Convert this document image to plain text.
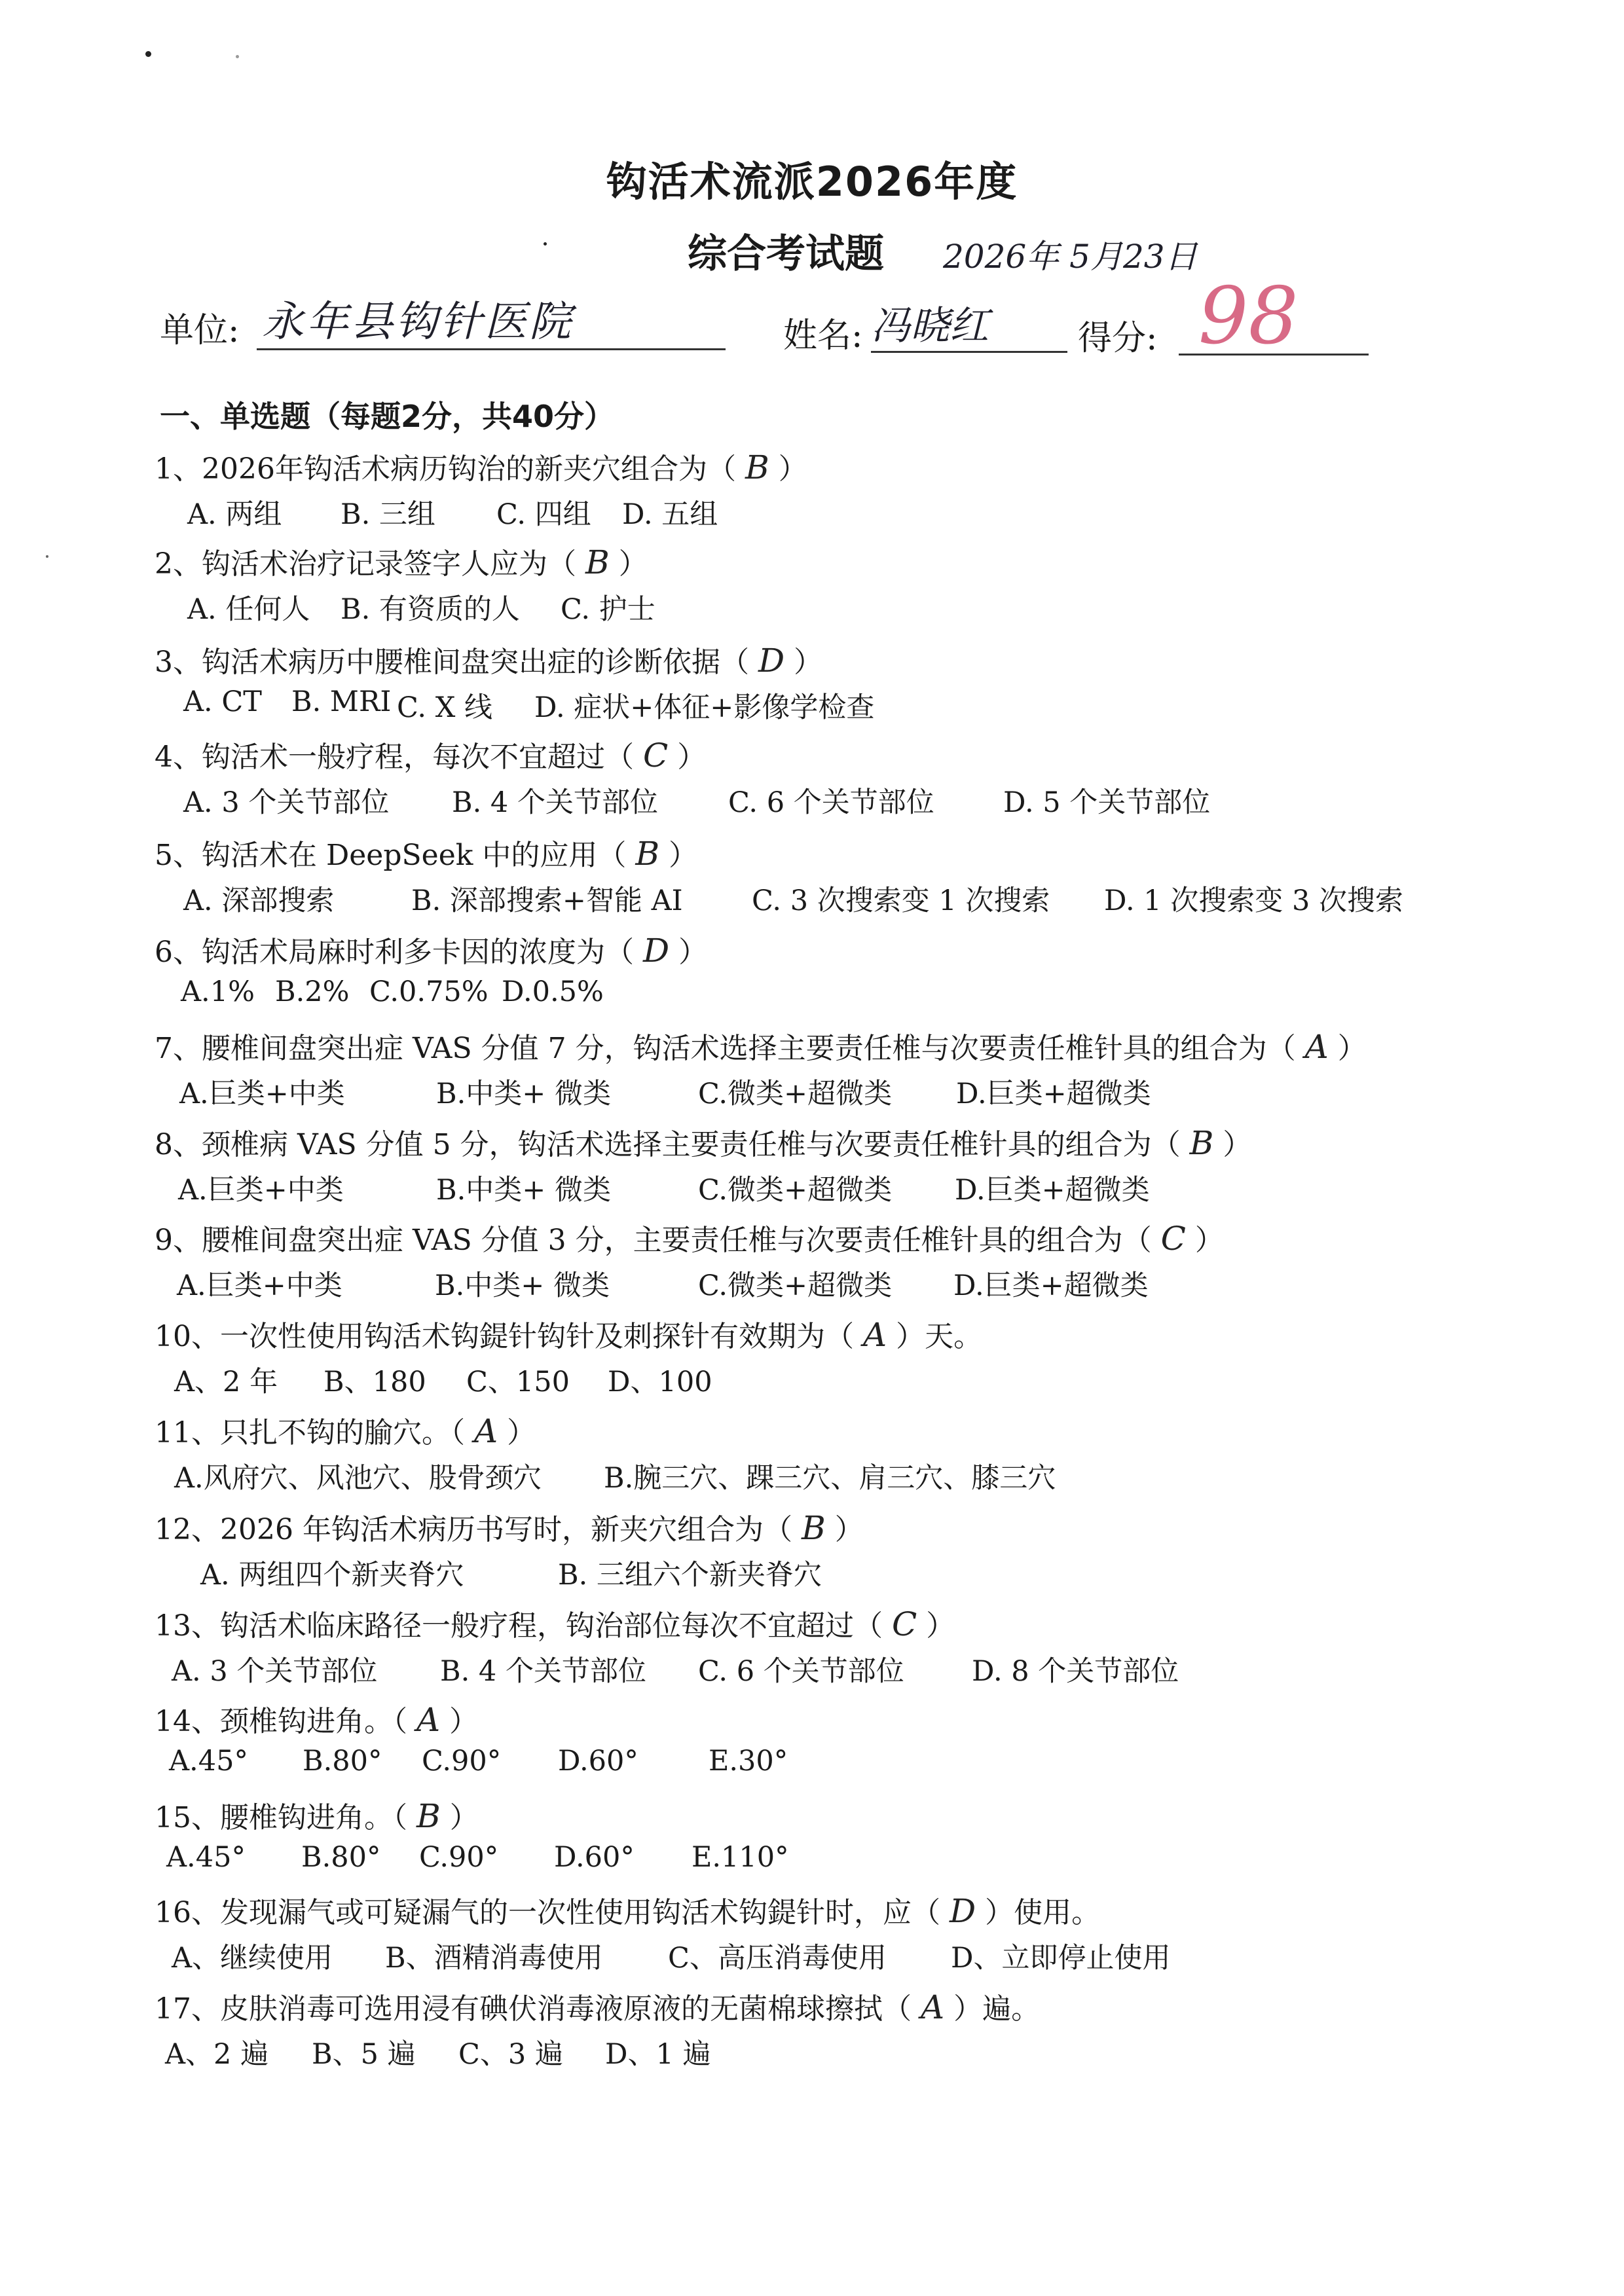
钩活术流派2026年度
综合考试题 2026年 5月23日
单位: 永年县钩针医院	姓名: 冯晓红	得分: 98
一、单选题（每题2分，共40分）
1、2026年钩活术病历钩治的新夹穴组合为（ B ）
A. 两组 B. 三组 C. 四组 D. 五组
2、钩活术治疗记录签字人应为（ B ）
A. 任何人 B. 有资质的人 C. 护士
3、钩活术病历中腰椎间盘突出症的诊断依据（ D ）
A. CT B. MRI C. X 线 D. 症状+体征+影像学检查
4、钩活术一般疗程，每次不宜超过（ C ）
A. 3 个关节部位 B. 4 个关节部位 C. 6 个关节部位 D. 5 个关节部位
5、钩活术在 DeepSeek 中的应用（ B ）
A. 深部搜索	B. 深部搜索+智能 AI C. 3 次搜索变 1 次搜索 D. 1 次搜索变 3 次搜索
6、钩活术局麻时利多卡因的浓度为（ D ）
A.1% B.2% C.0.75% D.0.5%
7、腰椎间盘突出症 VAS 分值 7 分，钩活术选择主要责任椎与次要责任椎针具的组合为（ A ）
A.巨类+中类	B.中类+ 微类	C.微类+超微类 D.巨类+超微类
8、颈椎病 VAS 分值 5 分，钩活术选择主要责任椎与次要责任椎针具的组合为（ B ）
A.巨类+中类	B.中类+ 微类	C.微类+超微类 D.巨类+超微类
9、腰椎间盘突出症 VAS 分值 3 分，主要责任椎与次要责任椎针具的组合为（ C ）
A.巨类+中类	B.中类+ 微类	C.微类+超微类 D.巨类+超微类
10、一次性使用钩活术钩鍉针钩针及刺探针有效期为（ A ）天。
A、2 年 B、180 C、150 D、100
11、只扎不钩的腧穴。（ A ）
A.风府穴、风池穴、股骨颈穴 B.腕三穴、踝三穴、肩三穴、膝三穴
12、2026 年钩活术病历书写时，新夹穴组合为（ B ）
A. 两组四个新夹脊穴	B. 三组六个新夹脊穴
13、钩活术临床路径一般疗程，钩治部位每次不宜超过（ C ）
A. 3 个关节部位 B. 4 个关节部位 C. 6 个关节部位 D. 8 个关节部位
14、颈椎钩进角。（ A ）
A.45° B.80° C.90° D.60° E.30°
15、腰椎钩进角。（ B ）
A.45° B.80° C.90° D.60° E.110°
16、发现漏气或可疑漏气的一次性使用钩活术钩鍉针时，应（ D ）使用。
A、继续使用 B、酒精消毒使用 C、高压消毒使用 D、立即停止使用
17、皮肤消毒可选用浸有碘伏消毒液原液的无菌棉球擦拭（ A ）遍。
A、2 遍 B、5 遍 C、3 遍 D、1 遍
